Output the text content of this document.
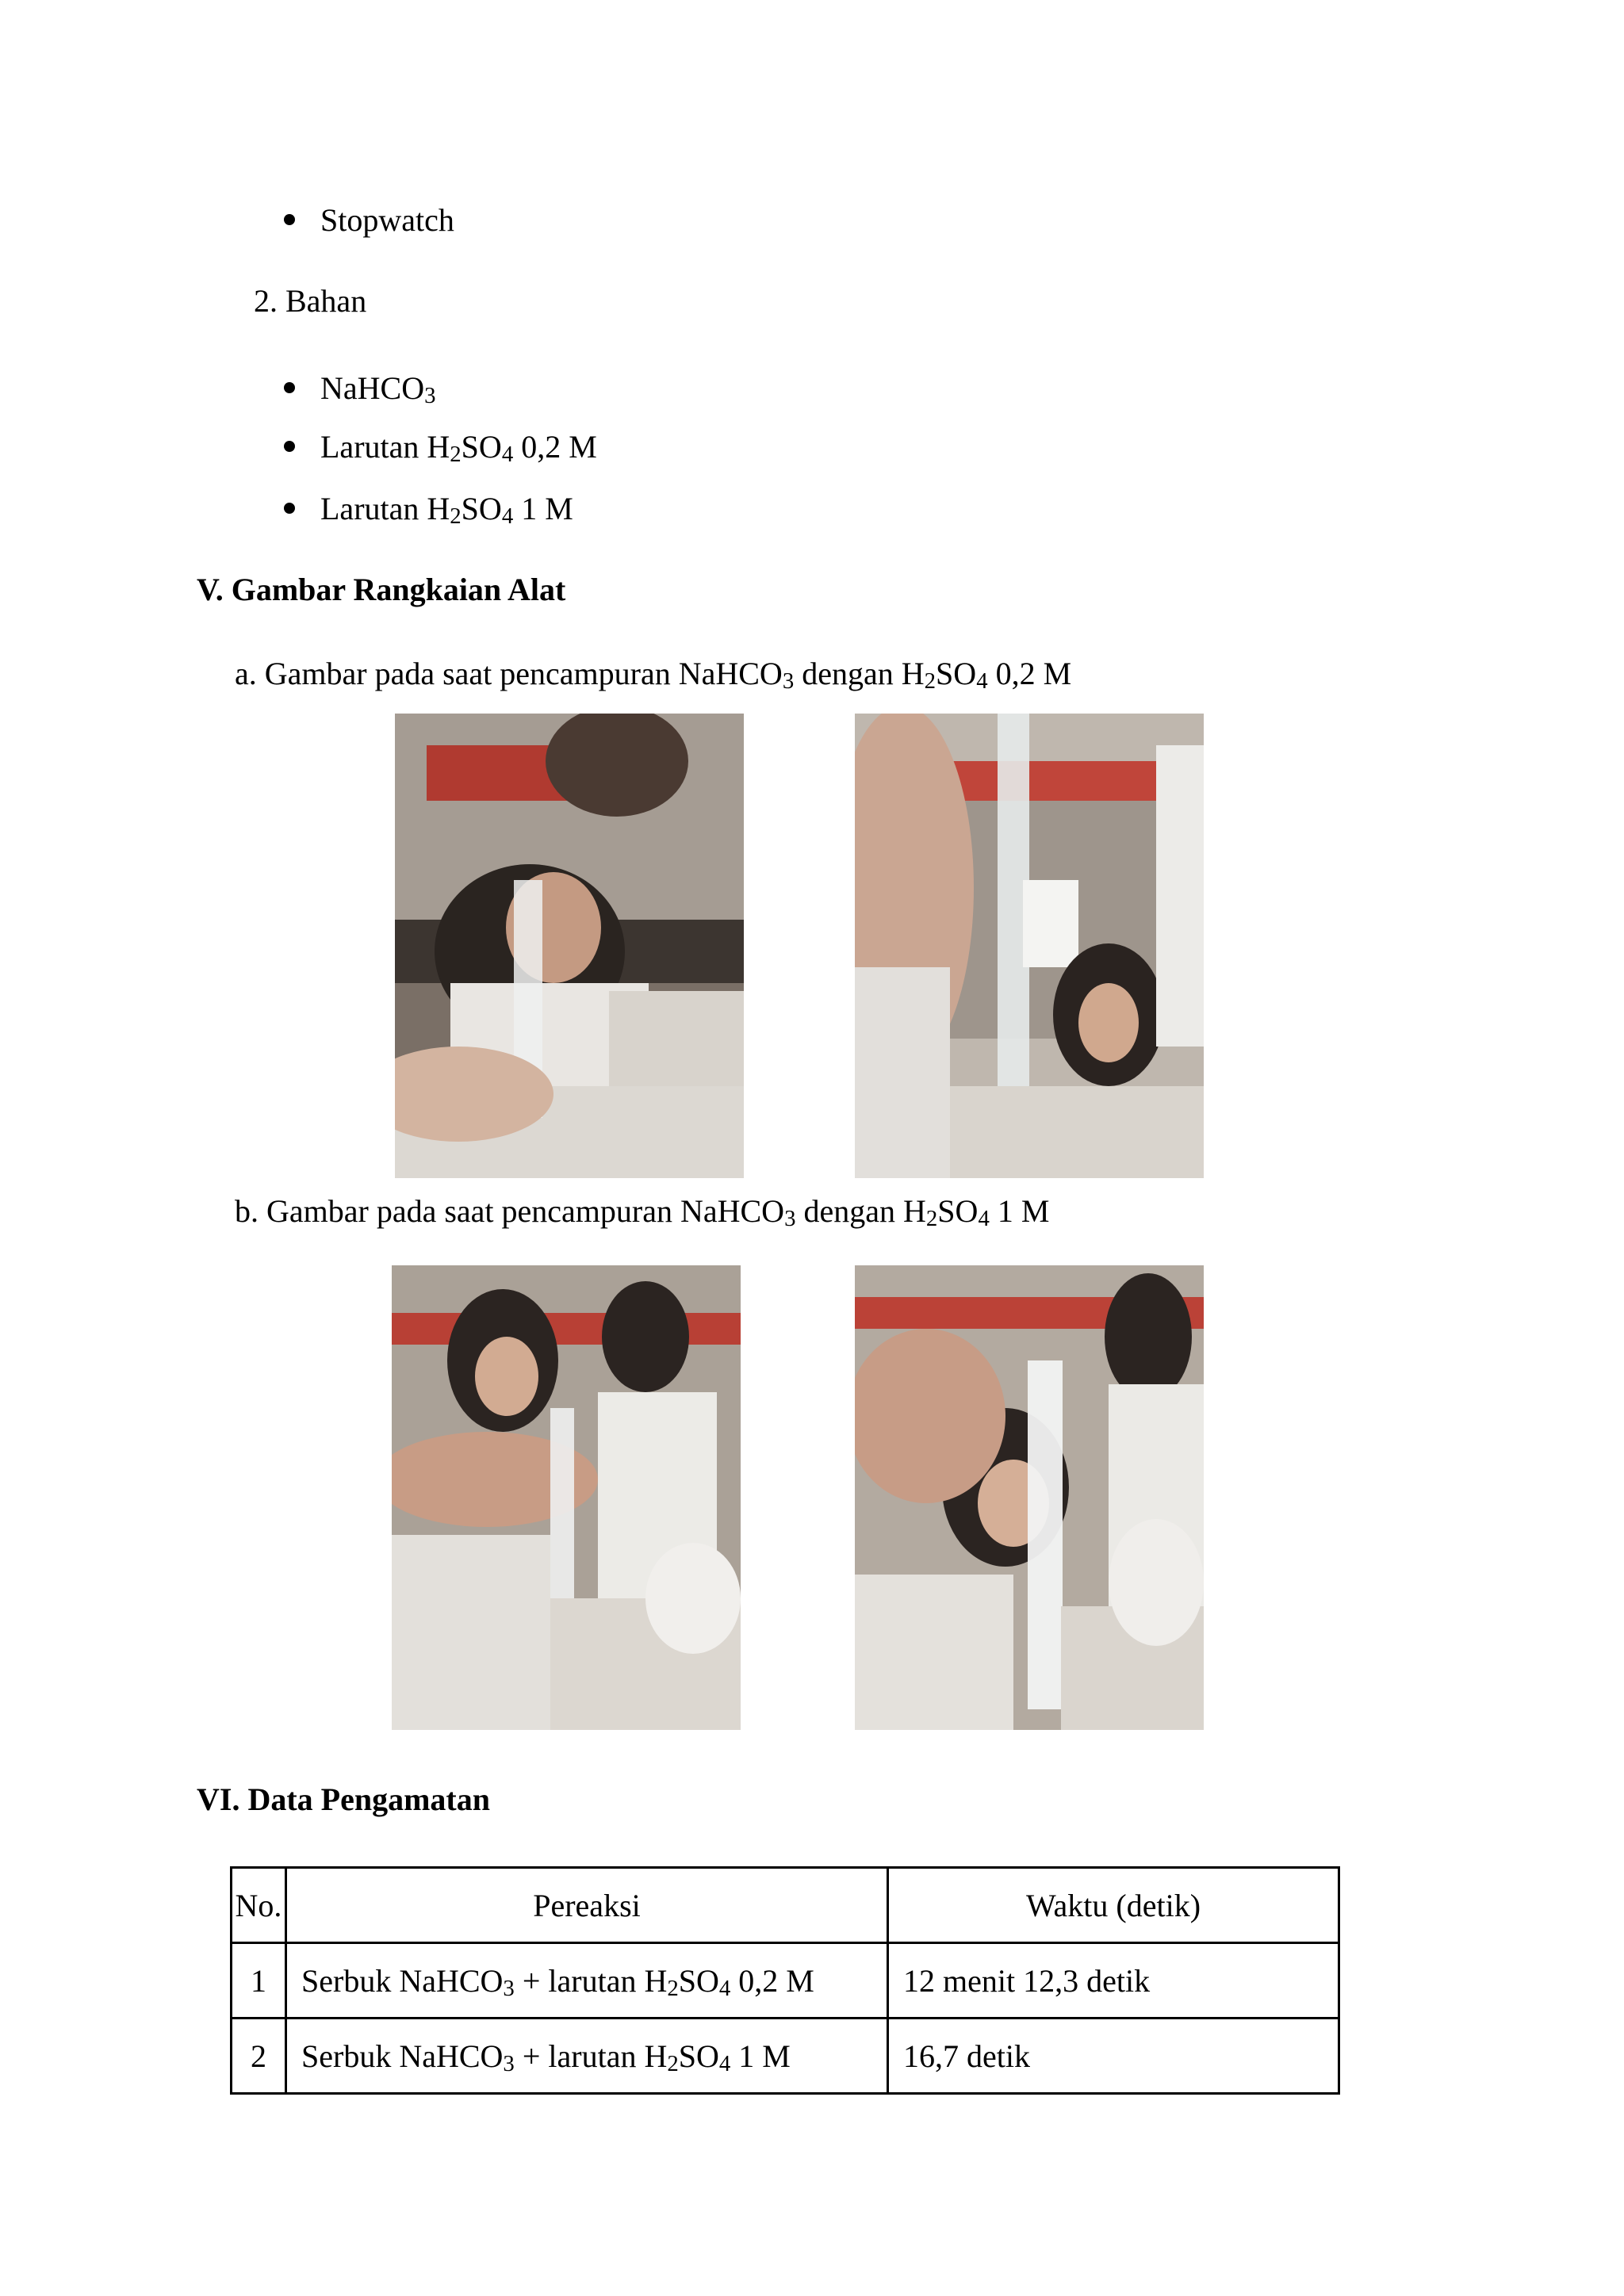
Stopwatch
2. Bahan
NaHCO$_3$
Larutan $H_2SO_4$ 0,2 M
Larutan $H_2SO_4$ 1 M
V. Gambar Rangkaian Alat
a. Gambar pada saat pencampuran NaHCO$_3$ dengan $H_2SO_4$ 0,2 M
b. Gambar pada saat pencampuran NaHCO$_3$ dengan $H_2SO_4$ 1 M
VI. Data Pengamatan
No.	Pereaksi	Waktu (detik)
1	Serbuk NaHCO$_3$ + larutan $H_2SO_4$ 0,2 M	12 menit 12,3 detik
2	Serbuk NaHCO$_3$ + larutan $H_2SO_4$ 1 M	16,7 detik
